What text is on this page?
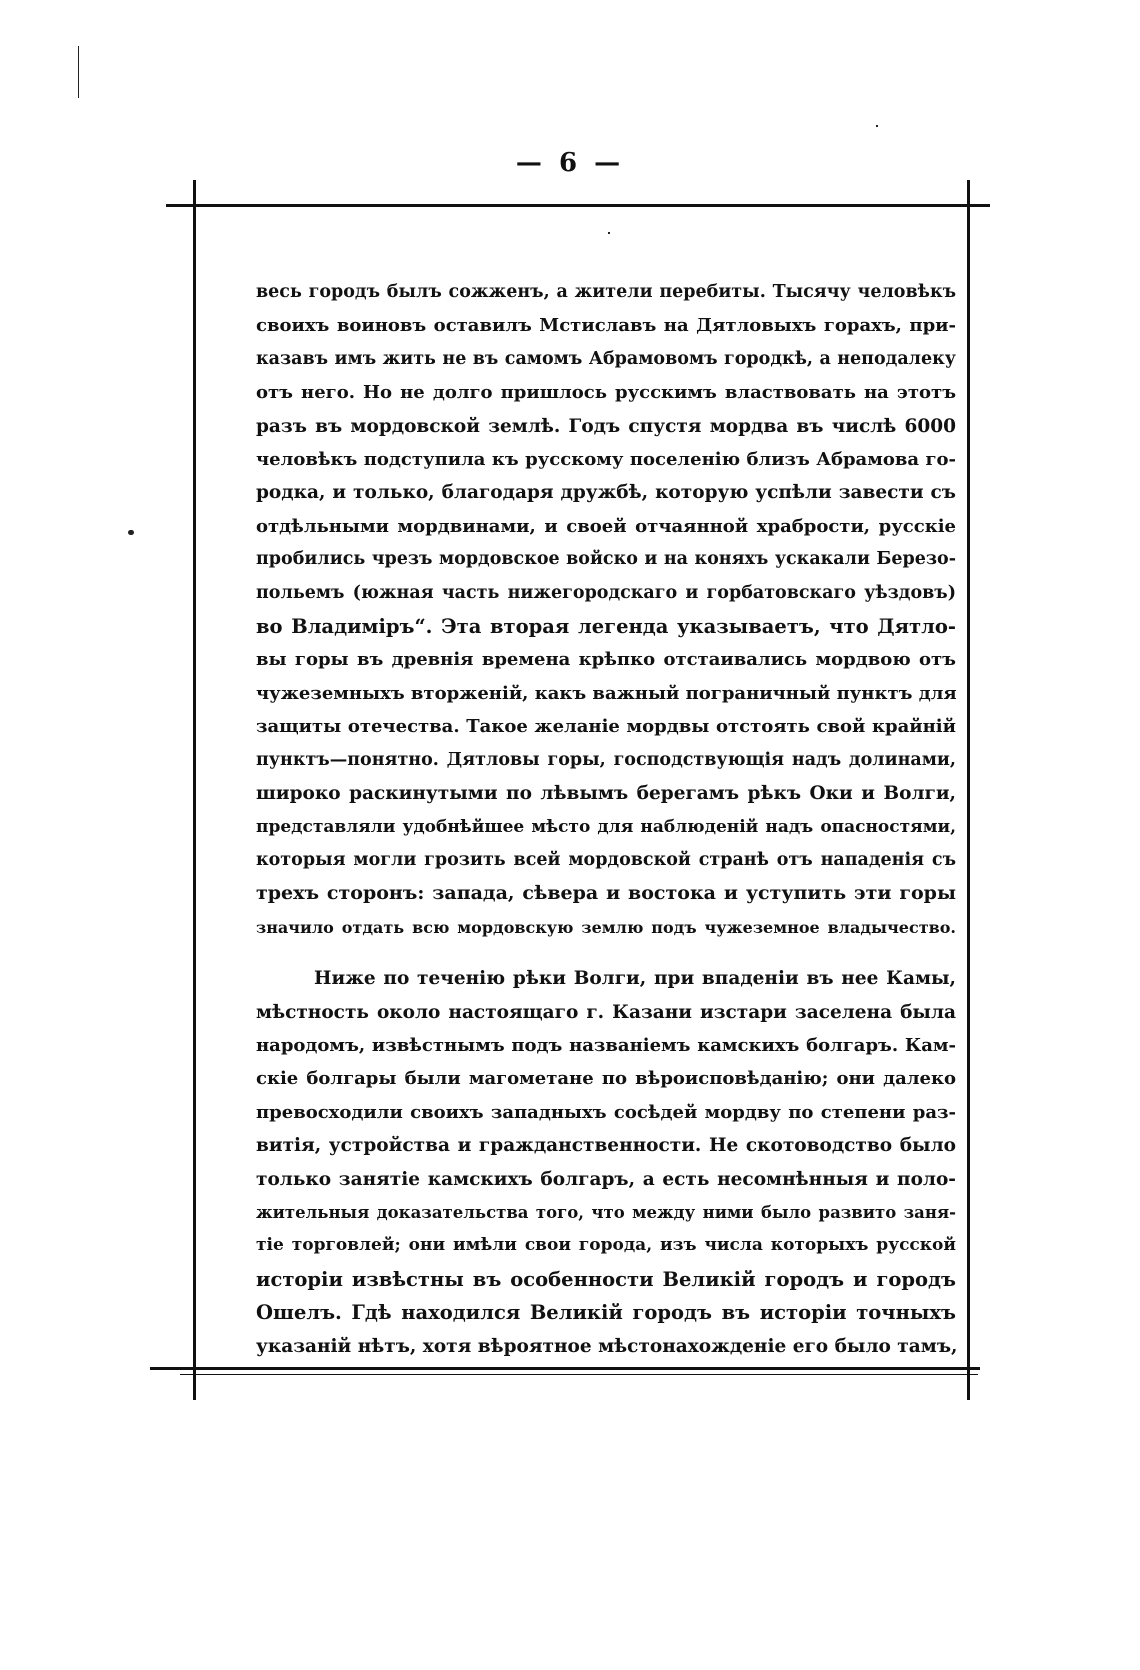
— 6 —
весь городъ былъ сожженъ, а жители перебиты. Тысячу человѣкъ
своихъ воиновъ оставилъ Мстиславъ на Дятловыхъ горахъ, при-
казавъ имъ жить не въ самомъ Абрамовомъ городкѣ, а неподалеку
отъ него. Но не долго пришлось русскимъ властвовать на этотъ
разъ въ мордовской землѣ. Годъ спустя мордва въ числѣ 6000
человѣкъ подступила къ русскому поселенію близъ Абрамова го-
родка, и только, благодаря дружбѣ, которую успѣли завести съ
отдѣльными мордвинами, и своей отчаянной храбрости, русскіе
пробились чрезъ мордовское войско и на коняхъ ускакали Березо-
польемъ (южная часть нижегородскаго и горбатовскаго уѣздовъ)
во Владиміръ“. Эта вторая легенда указываетъ, что Дятло-
вы горы въ древнія времена крѣпко отстаивались мордвою отъ
чужеземныхъ вторженій, какъ важный пограничный пунктъ для
защиты отечества. Такое желаніе мордвы отстоять свой крайній
пунктъ—понятно. Дятловы горы, господствующія надъ долинами,
широко раскинутыми по лѣвымъ берегамъ рѣкъ Оки и Волги,
представляли удобнѣйшее мѣсто для наблюденій надъ опасностями,
которыя могли грозить всей мордовской странѣ отъ нападенія съ
трехъ сторонъ: запада, сѣвера и востока и уступить эти горы
значило отдать всю мордовскую землю подъ чужеземное владычество.
Ниже по теченію рѣки Волги, при впаденіи въ нее Камы,
мѣстность около настоящаго г. Казани изстари заселена была
народомъ, извѣстнымъ подъ названіемъ камскихъ болгаръ. Кам-
скіе болгары были магометане по вѣроисповѣданію; они далеко
превосходили своихъ западныхъ сосѣдей мордву по степени раз-
витія, устройства и гражданственности. Не скотоводство было
только занятіе камскихъ болгаръ, а есть несомнѣнныя и поло-
жительныя доказательства того, что между ними было развито заня-
тіе торговлей; они имѣли свои города, изъ числа которыхъ русской
исторіи извѣстны въ особенности Великій городъ и городъ
Ошелъ. Гдѣ находился Великій городъ въ исторіи точныхъ
указаній нѣтъ, хотя вѣроятное мѣстонахожденіе его было тамъ,
